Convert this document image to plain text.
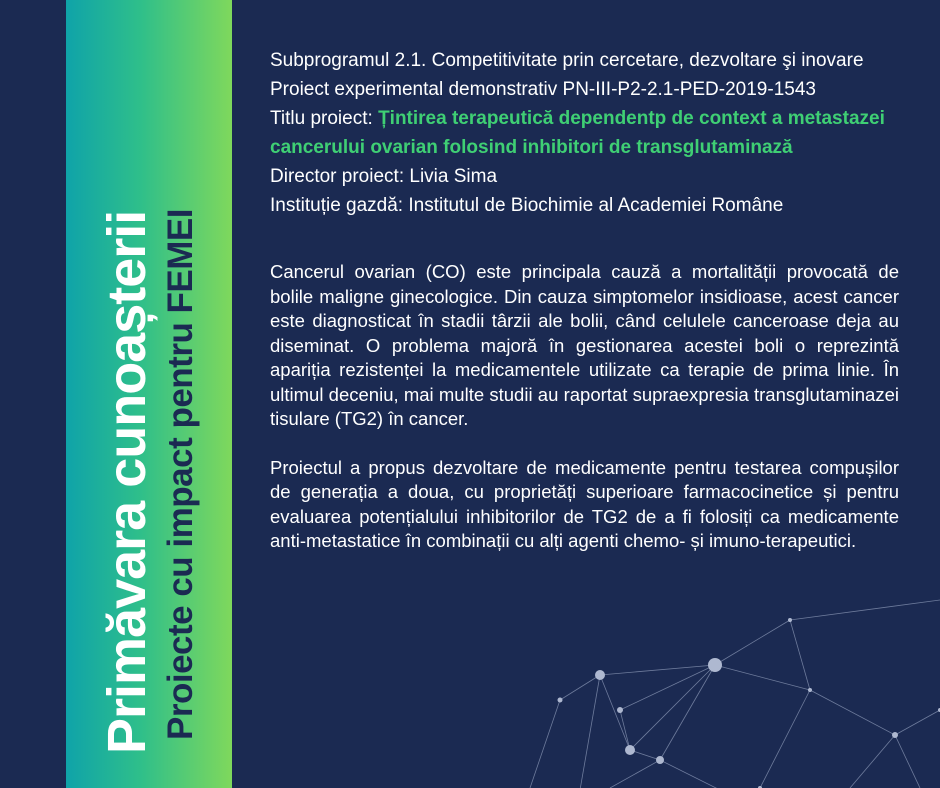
Primăvara cunoașterii Proiecte cu impact pentru FEMEI

Subprogramul 2.1. Competitivitate prin cercetare, dezvoltare şi inovare

Proiect experimental demonstrativ PN-III-P2-2.1-PED-2019-1543

Titlu proiect: Țintirea terapeutică dependentp de context a metastazei cancerului ovarian folosind inhibitori de transglutaminază

Director proiect: Livia Sima

Instituție gazdă: Institutul de Biochimie al Academiei Române

Cancerul ovarian (CO) este principala cauză a mortalității provocată de bolile maligne ginecologice. Din cauza simptomelor insidioase, acest cancer este diagnosticat în stadii târzii ale bolii, când celulele canceroase deja au diseminat. O problema majoră în gestionarea acestei boli o reprezintă apariția rezistenței la medicamentele utilizate ca terapie de prima linie. În ultimul deceniu, mai multe studii au raportat supraexpresia transglutaminazei tisulare (TG2) în cancer.

Proiectul a propus dezvoltare de medicamente pentru testarea compușilor de generația a doua, cu proprietăți superioare farmacocinetice și pentru evaluarea potențialului inhibitorilor de TG2 de a fi folosiți ca medicamente anti-metastatice în combinații cu alți agenti chemo- și imuno-terapeutici.
